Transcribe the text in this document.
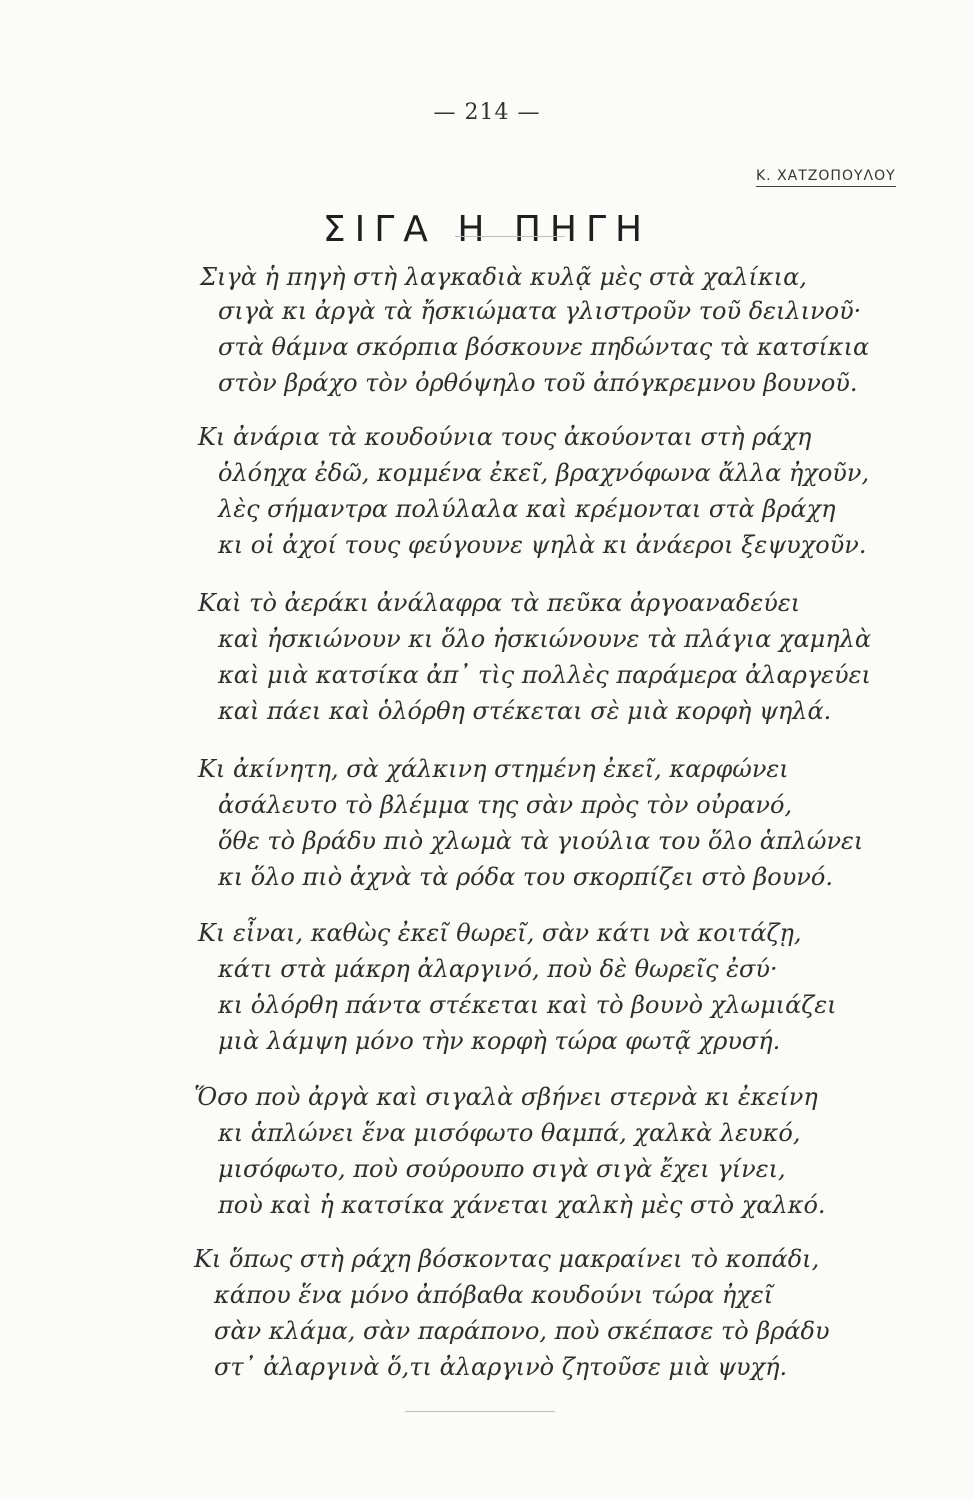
— 214 —
Κ. ΧΑΤΖΟΠΟΥΛΟΥ
ΣΙΓΑ Η ΠΗΓΗ
Σιγὰ ἡ πηγὴ στὴ λαγκαδιὰ κυλᾷ μὲς στὰ χαλίκια,
σιγὰ κι ἀργὰ τὰ ἤσκιώματα γλιστροῦν τοῦ δειλινοῦ·
στὰ θάμνα σκόρπια βόσκουνε πηδώντας τὰ κατσίκια
στὸν βράχο τὸν ὀρθόψηλο τοῦ ἀπόγκρεμνου βουνοῦ.
Κι ἀνάρια τὰ κουδούνια τους ἀκούονται στὴ ράχη
ὁλόηχα ἐδῶ, κομμένα ἐκεῖ, βραχνόφωνα ἄλλα ἠχοῦν,
λὲς σήμαντρα πολύλαλα καὶ κρέμονται στὰ βράχη
κι οἱ ἀχοί τους φεύγουνε ψηλὰ κι ἀνάεροι ξεψυχοῦν.
Καὶ τὸ ἀεράκι ἀνάλαφρα τὰ πεῦκα ἀργοαναδεύει
καὶ ἠσκιώνουν κι ὅλο ἠσκιώνουνε τὰ πλάγια χαμηλὰ
καὶ μιὰ κατσίκα ἀπ᾿ τὶς πολλὲς παράμερα ἀλαργεύει
καὶ πάει καὶ ὁλόρθη στέκεται σὲ μιὰ κορφὴ ψηλά.
Κι ἀκίνητη, σὰ χάλκινη στημένη ἐκεῖ, καρφώνει
ἀσάλευτο τὸ βλέμμα της σὰν πρὸς τὸν οὐρανό,
ὅθε τὸ βράδυ πιὸ χλωμὰ τὰ γιούλια του ὅλο ἁπλώνει
κι ὅλο πιὸ ἁχνὰ τὰ ρόδα του σκορπίζει στὸ βουνό.
Κι εἶναι, καθὼς ἐκεῖ θωρεῖ, σὰν κάτι νὰ κοιτάζῃ,
κάτι στὰ μάκρη ἀλαργινό, ποὺ δὲ θωρεῖς ἐσύ·
κι ὁλόρθη πάντα στέκεται καὶ τὸ βουνὸ χλωμιάζει
μιὰ λάμψη μόνο τὴν κορφὴ τώρα φωτᾷ χρυσή.
Ὅσο ποὺ ἀργὰ καὶ σιγαλὰ σβήνει στερνὰ κι ἐκείνη
κι ἁπλώνει ἕνα μισόφωτο θαμπά, χαλκὰ λευκό,
μισόφωτο, ποὺ σούρουπο σιγὰ σιγὰ ἔχει γίνει,
ποὺ καὶ ἡ κατσίκα χάνεται χαλκὴ μὲς στὸ χαλκό.
Κι ὅπως στὴ ράχη βόσκοντας μακραίνει τὸ κοπάδι,
κάπου ἕνα μόνο ἀπόβαθα κουδούνι τώρα ἠχεῖ
σὰν κλάμα, σὰν παράπονο, ποὺ σκέπασε τὸ βράδυ
στ᾿ ἀλαργινὰ ὅ,τι ἀλαργινὸ ζητοῦσε μιὰ ψυχή.
